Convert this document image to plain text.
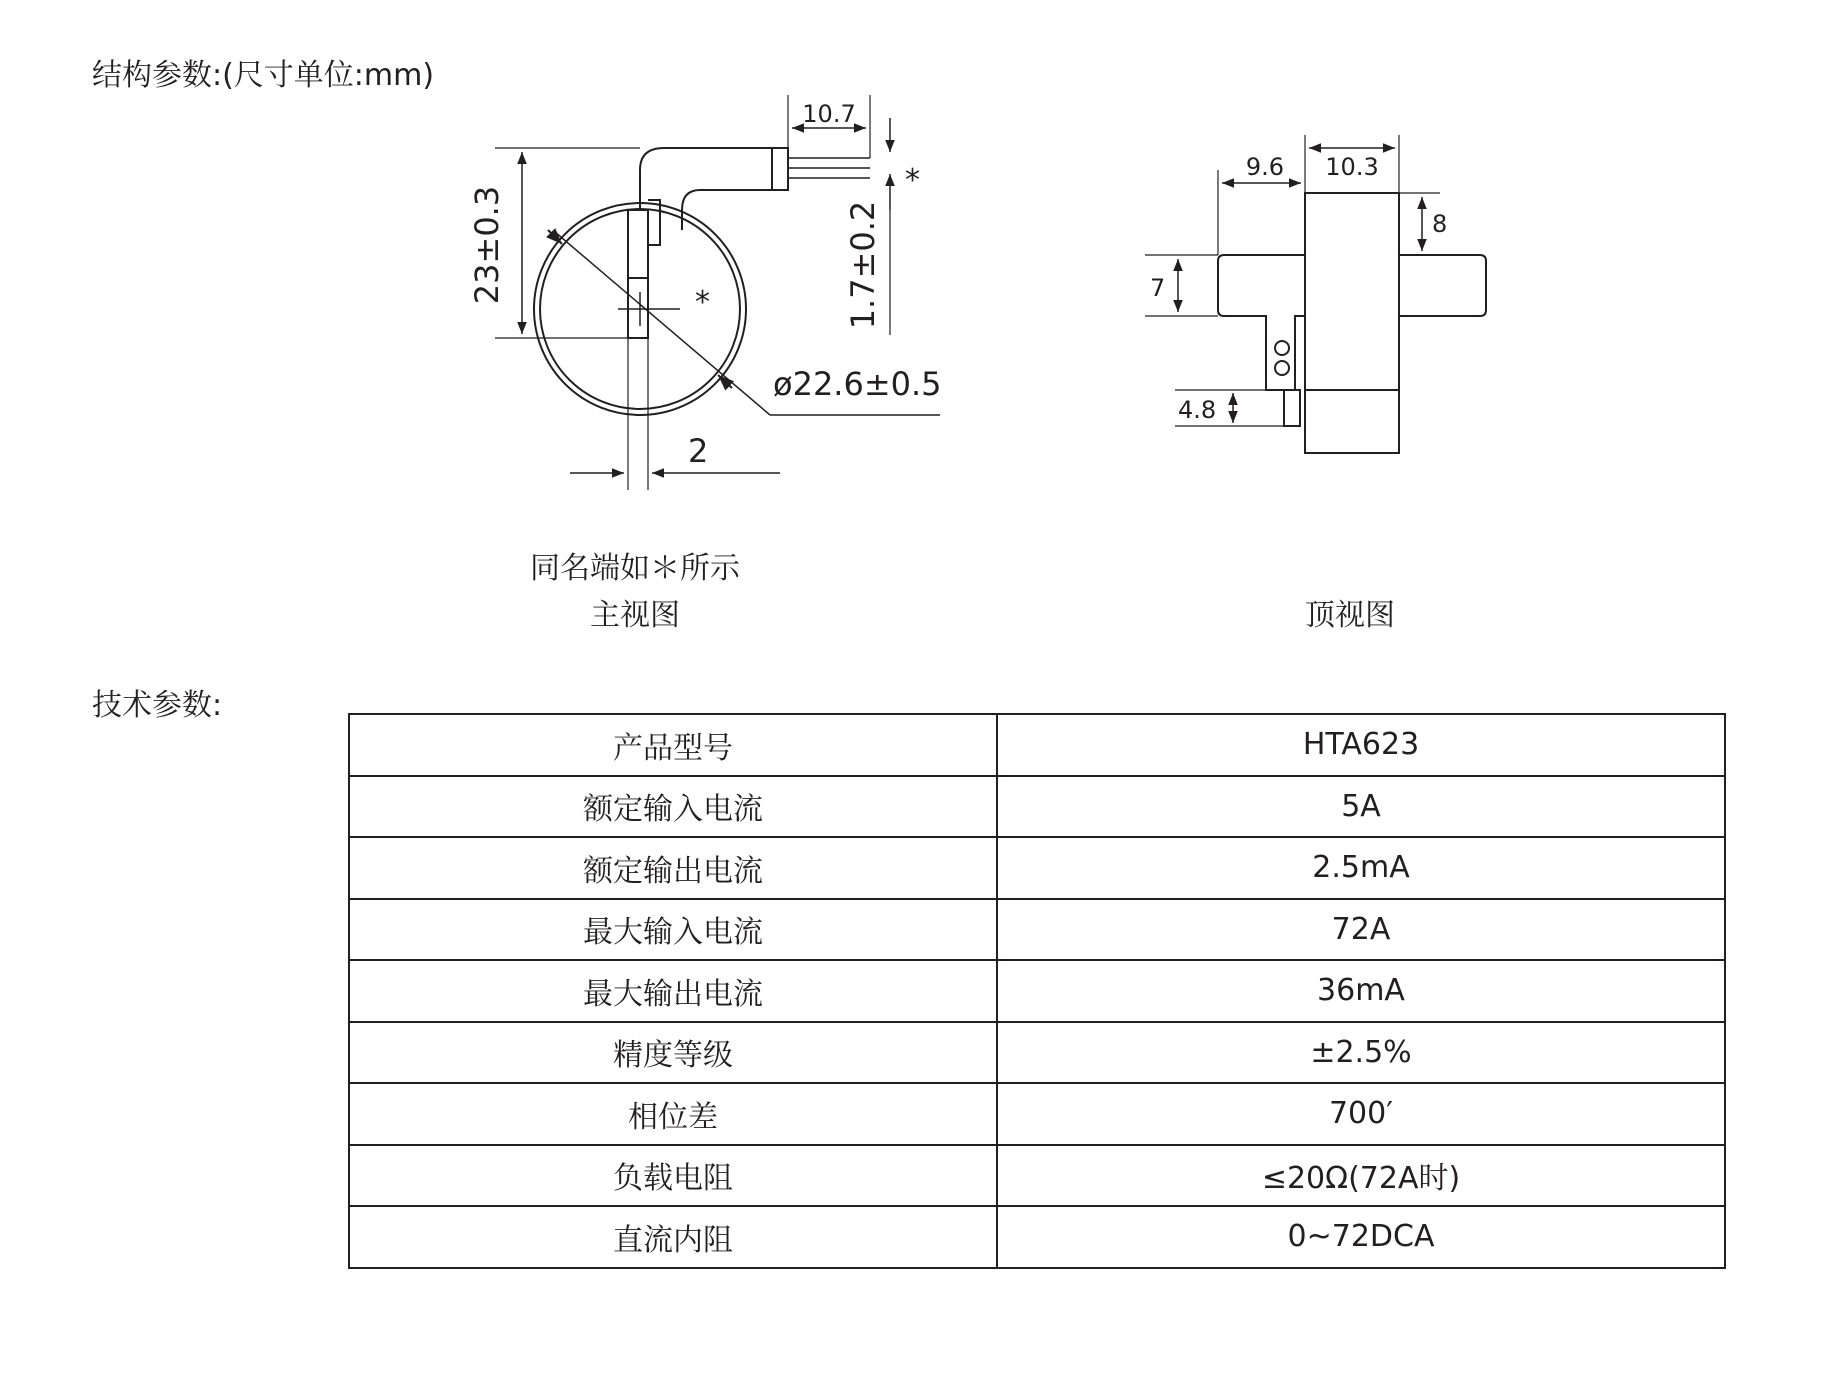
结构参数:(尺寸单位:mm)
10.7
23±0.3	1.7±0.2
*
*
ø22.6±0.5
2
9.6 10.3
8
7
4.8
同名端如＊所示
主视图	顶视图
技术参数:
产品型号	HTA623
额定输入电流	5A
额定输出电流	2.5mA
最大输入电流	72A
最大输出电流	36mA
精度等级	±2.5%
相位差	700′
负载电阻	≤20Ω(72A时)
直流内阻	0~72DCA
